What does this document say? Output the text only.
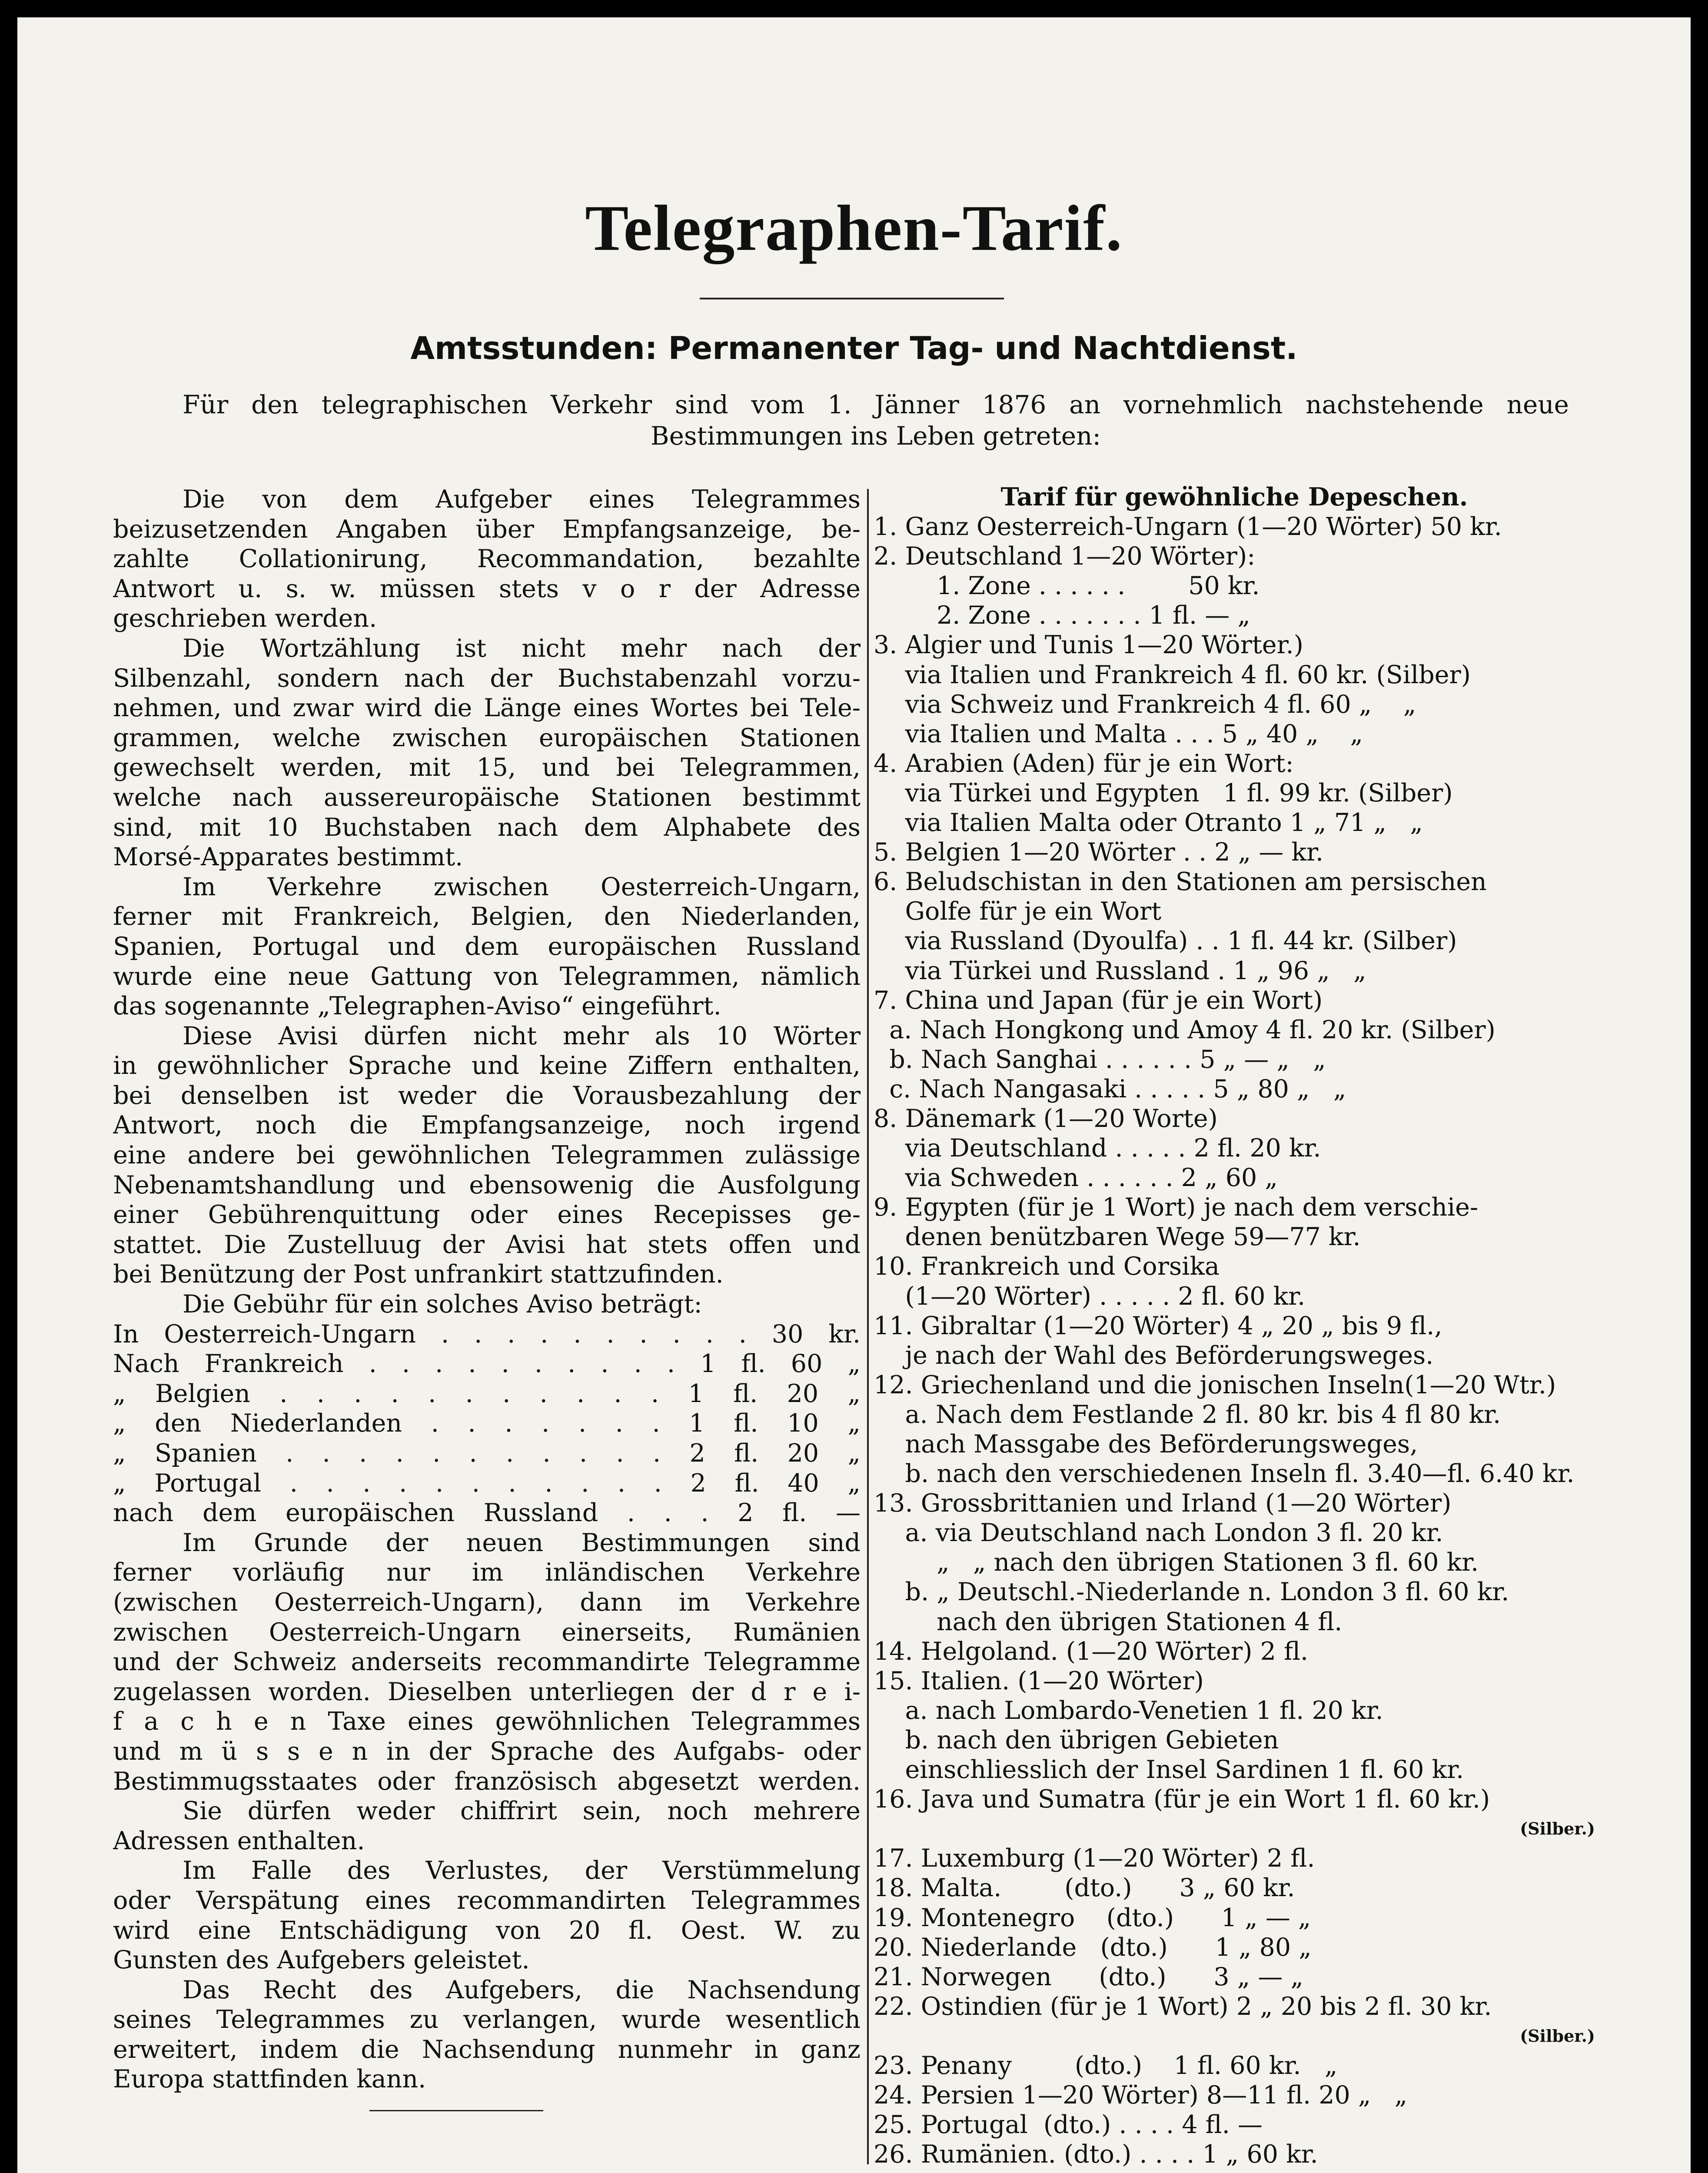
Telegraphen-Tarif.
Amtsstunden: Permanenter Tag- und Nachtdienst.
Für den telegraphischen Verkehr sind vom 1. Jänner 1876 an vornehmlich nachstehende neue
Bestimmungen ins Leben getreten:
Die von dem Aufgeber eines Telegrammes
beizusetzenden Angaben über Empfangsanzeige, be-
zahlte Collationirung, Recommandation, bezahlte
Antwort u. s. w. müssen stets v o r der Adresse
geschrieben werden.
Die Wortzählung ist nicht mehr nach der
Silbenzahl, sondern nach der Buchstabenzahl vorzu-
nehmen, und zwar wird die Länge eines Wortes bei Tele-
grammen, welche zwischen europäischen Stationen
gewechselt werden, mit 15, und bei Telegrammen,
welche nach aussereuropäische Stationen bestimmt
sind, mit 10 Buchstaben nach dem Alphabete des
Morsé-Apparates bestimmt.
Im Verkehre zwischen Oesterreich-Ungarn,
ferner mit Frankreich, Belgien, den Niederlanden,
Spanien, Portugal und dem europäischen Russland
wurde eine neue Gattung von Telegrammen, nämlich
das sogenannte „Telegraphen-Aviso“ eingeführt.
Diese Avisi dürfen nicht mehr als 10 Wörter
in gewöhnlicher Sprache und keine Ziffern enthalten,
bei denselben ist weder die Vorausbezahlung der
Antwort, noch die Empfangsanzeige, noch irgend
eine andere bei gewöhnlichen Telegrammen zulässige
Nebenamtshandlung und ebensowenig die Ausfolgung
einer Gebührenquittung oder eines Recepisses ge-
stattet. Die Zustelluug der Avisi hat stets offen und
bei Benützung der Post unfrankirt stattzufinden.
Die Gebühr für ein solches Aviso beträgt:
In Oesterreich-Ungarn . . . . . . . . . . 30 kr.
Nach Frankreich . . . . . . . . . . 1 fl. 60 „
„ Belgien . . . . . . . . . . . 1 fl. 20 „
„ den Niederlanden . . . . . . . 1 fl. 10 „
„ Spanien . . . . . . . . . . . 2 fl. 20 „
„ Portugal . . . . . . . . . . . 2 fl. 40 „
nach dem europäischen Russland . . . 2 fl. —
Im Grunde der neuen Bestimmungen sind
ferner vorläufig nur im inländischen Verkehre
(zwischen Oesterreich-Ungarn), dann im Verkehre
zwischen Oesterreich-Ungarn einerseits, Rumänien
und der Schweiz anderseits recommandirte Telegramme
zugelassen worden. Dieselben unterliegen der d r e i-
f a c h e n Taxe eines gewöhnlichen Telegrammes
und m ü s s e n in der Sprache des Aufgabs- oder
Bestimmugsstaates oder französisch abgesetzt werden.
Sie dürfen weder chiffrirt sein, noch mehrere
Adressen enthalten.
Im Falle des Verlustes, der Verstümmelung
oder Verspätung eines recommandirten Telegrammes
wird eine Entschädigung von 20 fl. Oest. W. zu
Gunsten des Aufgebers geleistet.
Das Recht des Aufgebers, die Nachsendung
seines Telegrammes zu verlangen, wurde wesentlich
erweitert, indem die Nachsendung nunmehr in ganz
Europa stattfinden kann.
Tarif für gewöhnliche Depeschen.
1. Ganz Oesterreich-Ungarn (1—20 Wörter) 50 kr.
2. Deutschland 1—20 Wörter):
1. Zone . . . . . .        50 kr.
2. Zone . . . . . . . 1 fl. — „
3. Algier und Tunis 1—20 Wörter.)
via Italien und Frankreich 4 fl. 60 kr. (Silber)
via Schweiz und Frankreich 4 fl. 60 „    „
via Italien und Malta . . . 5 „ 40 „    „
4. Arabien (Aden) für je ein Wort:
via Türkei und Egypten   1 fl. 99 kr. (Silber)
via Italien Malta oder Otranto 1 „ 71 „   „
5. Belgien 1—20 Wörter . . 2 „ — kr.
6. Beludschistan in den Stationen am persischen
Golfe für je ein Wort
via Russland (Dyoulfa) . . 1 fl. 44 kr. (Silber)
via Türkei und Russland . 1 „ 96 „   „
7. China und Japan (für je ein Wort)
a. Nach Hongkong und Amoy 4 fl. 20 kr. (Silber)
b. Nach Sanghai . . . . . . 5 „ — „   „
c. Nach Nangasaki . . . . . 5 „ 80 „   „
8. Dänemark (1—20 Worte)
via Deutschland . . . . . 2 fl. 20 kr.
via Schweden . . . . . . 2 „ 60 „
9. Egypten (für je 1 Wort) je nach dem verschie-
denen benützbaren Wege 59—77 kr.
10. Frankreich und Corsika
(1—20 Wörter) . . . . . 2 fl. 60 kr.
11. Gibraltar (1—20 Wörter) 4 „ 20 „ bis 9 fl.,
je nach der Wahl des Beförderungsweges.
12. Griechenland und die jonischen Inseln(1—20 Wtr.)
a. Nach dem Festlande 2 fl. 80 kr. bis 4 fl 80 kr.
nach Massgabe des Beförderungsweges,
b. nach den verschiedenen Inseln fl. 3.40—fl. 6.40 kr.
13. Grossbrittanien und Irland (1—20 Wörter)
a. via Deutschland nach London 3 fl. 20 kr.
„   „ nach den übrigen Stationen 3 fl. 60 kr.
b. „ Deutschl.-Niederlande n. London 3 fl. 60 kr.
nach den übrigen Stationen 4 fl.
14. Helgoland. (1—20 Wörter) 2 fl.
15. Italien. (1—20 Wörter)
a. nach Lombardo-Venetien 1 fl. 20 kr.
b. nach den übrigen Gebieten
einschliesslich der Insel Sardinen 1 fl. 60 kr.
16. Java und Sumatra (für je ein Wort 1 fl. 60 kr.)
(Silber.)
17. Luxemburg (1—20 Wörter) 2 fl.
18. Malta.        (dto.)      3 „ 60 kr.
19. Montenegro    (dto.)      1 „ — „
20. Niederlande   (dto.)      1 „ 80 „
21. Norwegen      (dto.)      3 „ — „
22. Ostindien (für je 1 Wort) 2 „ 20 bis 2 fl. 30 kr.
(Silber.)
23. Penany        (dto.)    1 fl. 60 kr.   „
24. Persien 1—20 Wörter) 8—11 fl. 20 „   „
25. Portugal  (dto.) . . . . 4 fl. —
26. Rumänien. (dto.) . . . . 1 „ 60 kr.
